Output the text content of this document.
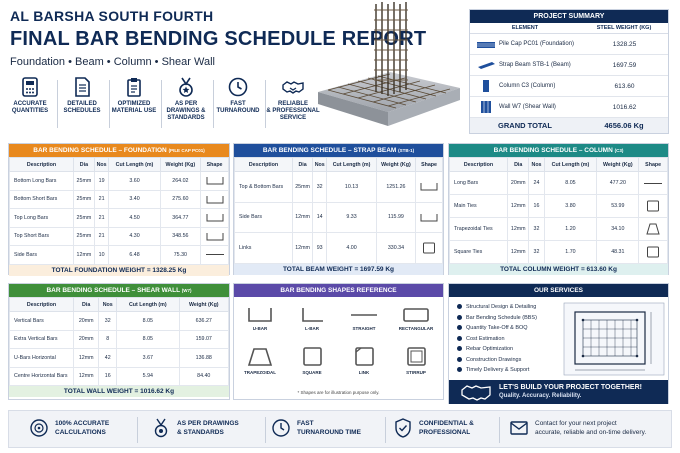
AL BARSHA SOUTH FOURTH
FINAL BAR BENDING SCHEDULE REPORT
Foundation • Beam • Column • Shear Wall
ACCURATE
QUANTITIES
DETAILED
SCHEDULES
OPTIMIZED
MATERIAL USE
AS PER
DRAWINGS &
STANDARDS
FAST
TURNAROUND
RELIABLE
& PROFESSIONAL
SERVICE
PROJECT SUMMARY
ELEMENT	STEEL WEIGHT (KG)
Pile Cap PC01 (Foundation)	1328.25
Strap Beam STB-1 (Beam)	1697.59
Column C3 (Column)	613.60
Wall W7 (Shear Wall)	1016.62
GRAND TOTAL	4656.06 Kg
BAR BENDING SCHEDULE – FOUNDATION (PILE CAP PC01)
Description	Dia	Nos	Cut Length (m)	Weight (Kg)	Shape
Bottom Long Bars	25mm	19	3.60	264.02	
Bottom Short Bars	25mm	21	3.40	275.60	
Top Long Bars	25mm	21	4.50	364.77	
Top Short Bars	25mm	21	4.30	348.56	
Side Bars	12mm	10	6.48	75.30	
TOTAL FOUNDATION WEIGHT = 1328.25 Kg
BAR BENDING SCHEDULE – STRAP BEAM (STB-1)
Description	Dia	Nos	Cut Length (m)	Weight (Kg)	Shape
Top & Bottom Bars	25mm	32	10.13	1251.26	
Side Bars	12mm	14	9.33	115.99	
Links	12mm	93	4.00	330.34	
TOTAL BEAM WEIGHT = 1697.59 Kg
BAR BENDING SCHEDULE – COLUMN (C3)
Description	Dia	Nos	Cut Length (m)	Weight (Kg)	Shape
Long Bars	20mm	24	8.05	477.20	
Main Ties	12mm	16	3.80	53.99	
Trapezoidal Ties	12mm	32	1.20	34.10	
Square Ties	12mm	32	1.70	48.31	
TOTAL COLUMN WEIGHT = 613.60 Kg
BAR BENDING SCHEDULE – SHEAR WALL (W7)
Description	Dia	Nos	Cut Length (m)	Weight (Kg)
Vertical Bars	20mm	32	8.05	636.27
Extra Vertical Bars	20mm	8	8.05	159.07
U-Bars Horizontal	12mm	42	3.67	136.88
Centre Horizontal Bars	12mm	16	5.94	84.40
TOTAL WALL WEIGHT = 1016.62 Kg
BAR BENDING SHAPES REFERENCE
U-BAR	L-BAR	STRAIGHT	RECTANGULAR
TRAPEZOIDAL	SQUARE	LINK	STIRRUP
* Shapes are for illustration purpose only.
OUR SERVICES
Structural Design & Detailing
Bar Bending Schedule (BBS)
Quantity Take-Off & BOQ
Cost Estimation
Rebar Optimization
Construction Drawings
Timely Delivery & Support
LET'S BUILD YOUR PROJECT TOGETHER!
Quality. Accuracy. Reliability.
100% ACCURATE
CALCULATIONS
AS PER DRAWINGS
& STANDARDS
FAST
TURNAROUND TIME
CONFIDENTIAL &
PROFESSIONAL
Contact for your next project
accurate, reliable and on-time delivery.
